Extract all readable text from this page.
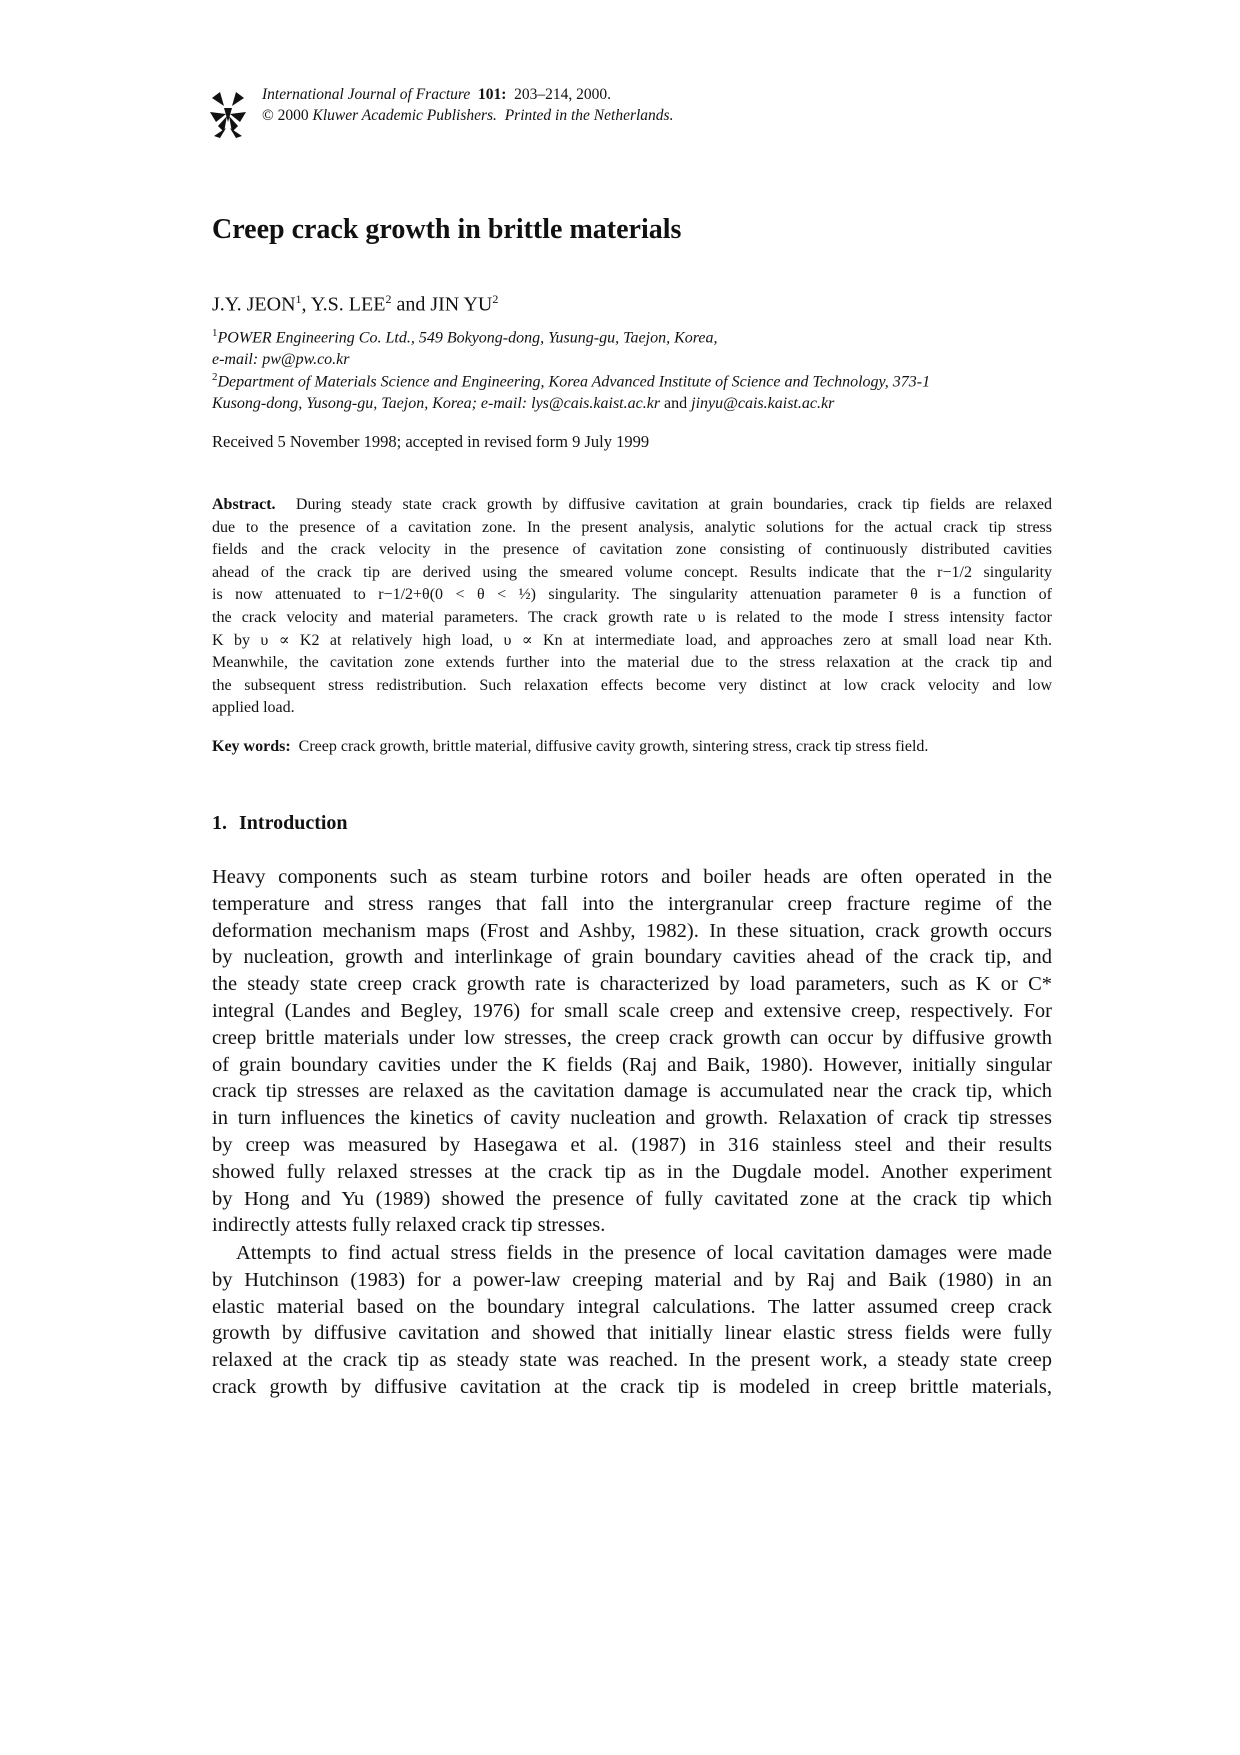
International Journal of Fracture 101: 203–214, 2000.
© 2000 Kluwer Academic Publishers. Printed in the Netherlands.
Creep crack growth in brittle materials
J.Y. JEON$^1$, Y.S. LEE$^2$ and JIN $YU^2$
$^1$POWER Engineering Co. Ltd., 549 Bokyong-dong, Yusung-gu, Taejon, Korea,
e-mail: pw@pw.co.kr
$^2$Department of Materials Science and Engineering, Korea Advanced Institute of Science and Technology, 373-1
Kusong-dong, Yusong-gu, Taejon, Korea; e-mail: lys@cais.kaist.ac.kr and jinyu@cais.kaist.ac.kr
Received 5 November 1998; accepted in revised form 9 July 1999
Abstract. During steady state crack growth by diffusive cavitation at grain boundaries, crack tip fields are relaxed
due to the presence of a cavitation zone. In the present analysis, analytic solutions for the actual crack tip stress
fields and the crack velocity in the presence of cavitation zone consisting of continuously distributed cavities
ahead of the crack tip are derived using the smeared volume concept. Results indicate that the r−1/2 singularity
is now attenuated to r−1/2+θ(0 < θ < ½) singularity. The singularity attenuation parameter θ is a function of
the crack velocity and material parameters. The crack growth rate υ is related to the mode I stress intensity factor
K by υ ∝ K2 at relatively high load, υ ∝ Kn at intermediate load, and approaches zero at small load near Kth.
Meanwhile, the cavitation zone extends further into the material due to the stress relaxation at the crack tip and
the subsequent stress redistribution. Such relaxation effects become very distinct at low crack velocity and low
applied load.
Key words: Creep crack growth, brittle material, diffusive cavity growth, sintering stress, crack tip stress field.
1. Introduction
Heavy components such as steam turbine rotors and boiler heads are often operated in the
temperature and stress ranges that fall into the intergranular creep fracture regime of the
deformation mechanism maps (Frost and Ashby, 1982). In these situation, crack growth occurs
by nucleation, growth and interlinkage of grain boundary cavities ahead of the crack tip, and
the steady state creep crack growth rate is characterized by load parameters, such as K or C*
integral (Landes and Begley, 1976) for small scale creep and extensive creep, respectively. For
creep brittle materials under low stresses, the creep crack growth can occur by diffusive growth
of grain boundary cavities under the K fields (Raj and Baik, 1980). However, initially singular
crack tip stresses are relaxed as the cavitation damage is accumulated near the crack tip, which
in turn influences the kinetics of cavity nucleation and growth. Relaxation of crack tip stresses
by creep was measured by Hasegawa et al. (1987) in 316 stainless steel and their results
showed fully relaxed stresses at the crack tip as in the Dugdale model. Another experiment
by Hong and Yu (1989) showed the presence of fully cavitated zone at the crack tip which
indirectly attests fully relaxed crack tip stresses.
Attempts to find actual stress fields in the presence of local cavitation damages were made
by Hutchinson (1983) for a power-law creeping material and by Raj and Baik (1980) in an
elastic material based on the boundary integral calculations. The latter assumed creep crack
growth by diffusive cavitation and showed that initially linear elastic stress fields were fully
relaxed at the crack tip as steady state was reached. In the present work, a steady state creep
crack growth by diffusive cavitation at the crack tip is modeled in creep brittle materials,
